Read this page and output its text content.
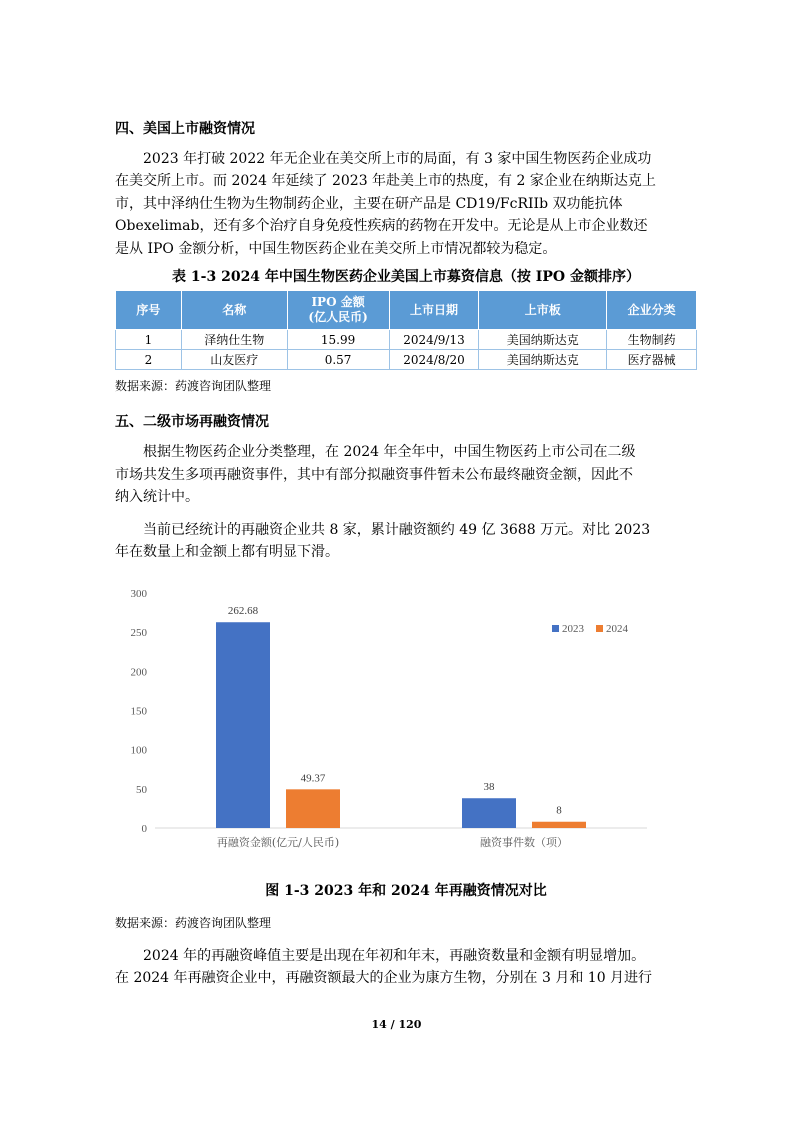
四、美国上市融资情况
2023 年打破 2022 年无企业在美交所上市的局面，有 3 家中国生物医药企业成功
在美交所上市。而 2024 年延续了 2023 年赴美上市的热度，有 2 家企业在纳斯达克上
市，其中泽纳仕生物为生物制药企业，主要在研产品是 CD19/FcRIIb 双功能抗体
Obexelimab，还有多个治疗自身免疫性疾病的药物在开发中。无论是从上市企业数还
是从 IPO 金额分析，中国生物医药企业在美交所上市情况都较为稳定。
表 1-3 2024 年中国生物医药企业美国上市募资信息（按 IPO 金额排序）
序号	名称	IPO 金额
(亿人民币)	上市日期	上市板	企业分类
1	泽纳仕生物	15.99	2024/9/13	美国纳斯达克	生物制药
2	山友医疗	0.57	2024/8/20	美国纳斯达克	医疗器械
数据来源：药渡咨询团队整理
五、二级市场再融资情况
根据生物医药企业分类整理，在 2024 年全年中，中国生物医药上市公司在二级
市场共发生多项再融资事件，其中有部分拟融资事件暂未公布最终融资金额，因此不
纳入统计中。
当前已经统计的再融资企业共 8 家，累计融资额约 49 亿 3688 万元。对比 2023
年在数量上和金额上都有明显下滑。
0
50
100
150
200
250
300
262.68
49.37
再融资金额(亿元/人民币)
38
8
融资事件数（项）
2023 2024
图 1-3 2023 年和 2024 年再融资情况对比
数据来源：药渡咨询团队整理
2024 年的再融资峰值主要是出现在年初和年末，再融资数量和金额有明显增加。
在 2024 年再融资企业中，再融资额最大的企业为康方生物，分别在 3 月和 10 月进行
14 / 120
